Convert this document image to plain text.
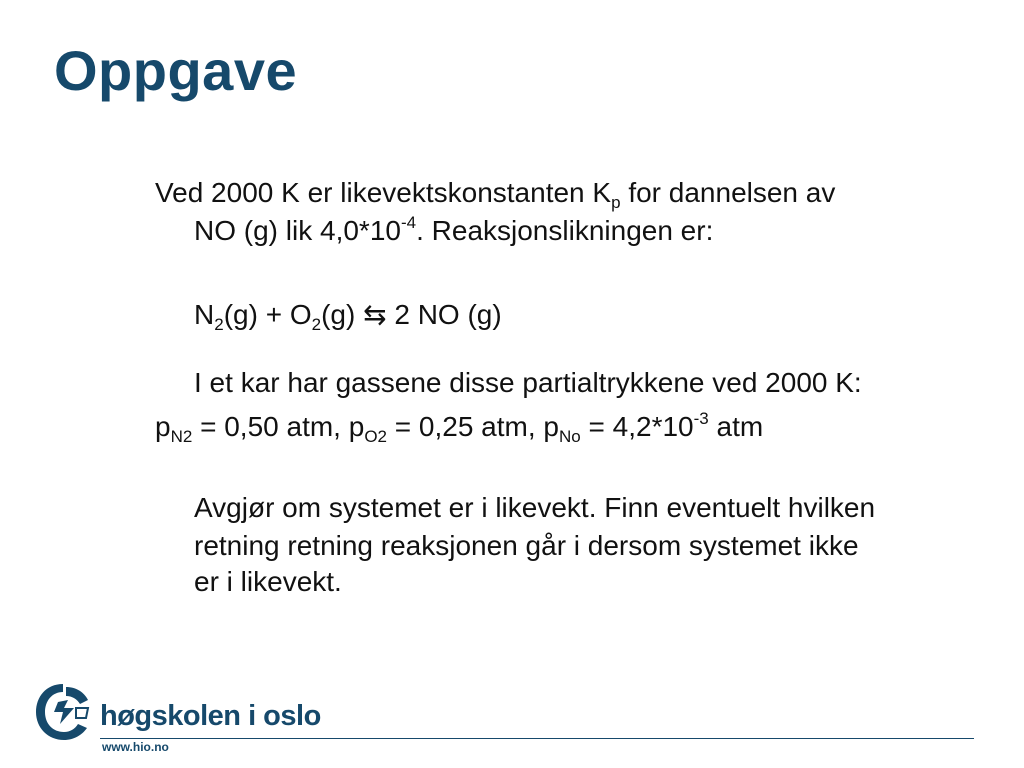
Oppgave
Ved 2000 K er likevektskonstanten $K_p$ for dannelsen av
NO (g) lik $4,0*10^{-4}$. Reaksjonslikningen er:
$N_2(g) + O_2(g)$ ⇆ 2 NO (g)
I et kar har gassene disse partialtrykkene ved 2000 K:
$p_{N2} = 0,50$ atm, $p_{O2} = 0,25$ atm, $p_{No} = 4,2*10^{-3}$ atm
Avgjør om systemet er i likevekt. Finn eventuelt hvilken
retning retning reaksjonen går i dersom systemet ikke
er i likevekt.
høgskolen i oslo
www.hio.no
